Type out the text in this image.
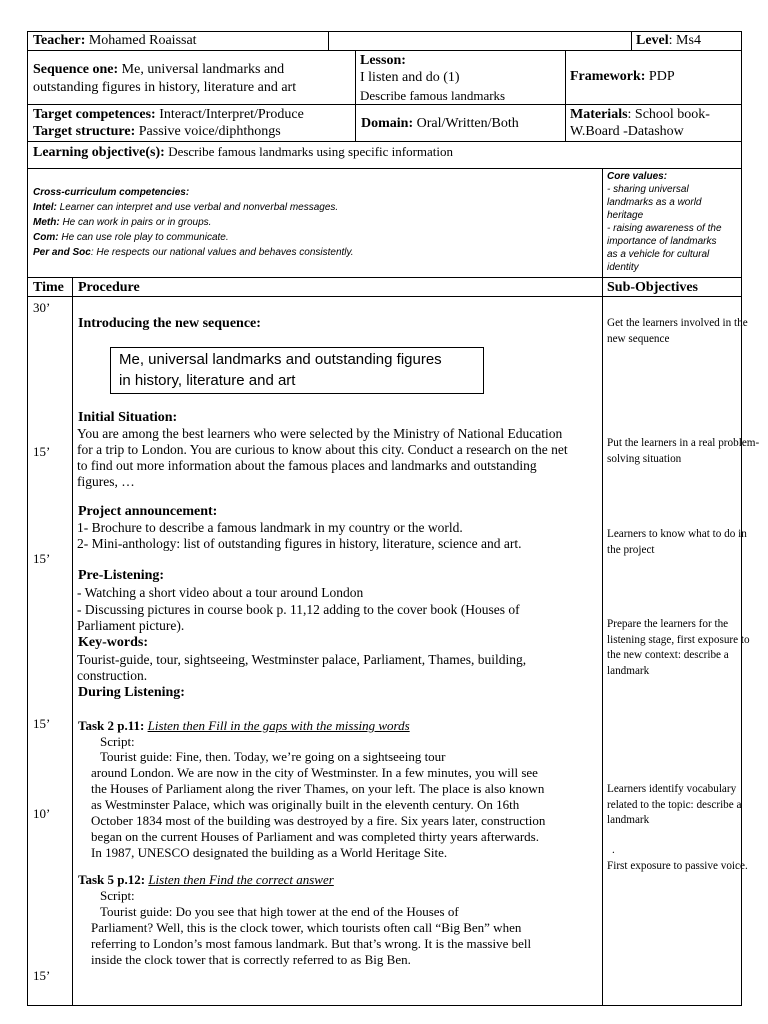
Teacher: Mohamed Roaissat	Level: Ms4
Sequence one: Me, universal landmarks and
outstanding figures in history, literature and art
Lesson:
I listen and do (1)
Describe famous landmarks
Framework: PDP
Target competences: Interact/Interpret/Produce
Target structure: Passive voice/diphthongs
Domain: Oral/Written/Both
Materials: School book-
W.Board -Datashow
Learning objective(s): Describe famous landmarks using specific information
Cross-curriculum competencies:
Intel: Learner can interpret and use verbal and nonverbal messages.
Meth: He can work in pairs or in groups.
Com: He can use role play to communicate.
Per and Soc: He respects our national values and behaves consistently.
Core values:
- sharing universal
landmarks as a world
heritage
- raising awareness of the
importance of landmarks
as a vehicle for cultural
identity
Time Procedure	Sub-Objectives
30’
15’
15’
15’
10’
15’
Introducing the new sequence:
Me, universal landmarks and outstanding figures
in history, literature and art
Initial Situation:
You are among the best learners who were selected by the Ministry of National Education
for a trip to London. You are curious to know about this city. Conduct a research on the net
to find out more information about the famous places and landmarks and outstanding
figures, …
Project announcement:
1- Brochure to describe a famous landmark in my country or the world.
2- Mini-anthology: list of outstanding figures in history, literature, science and art.
Pre-Listening:
- Watching a short video about a tour around London
- Discussing pictures in course book p. 11,12 adding to the cover book (Houses of
Parliament picture).
Key-words:
Tourist-guide, tour, sightseeing, Westminster palace, Parliament, Thames, building,
construction.
During Listening:
Task 2 p.11: Listen then Fill in the gaps with the missing words
Script:
Tourist guide: Fine, then. Today, we’re going on a sightseeing tour
around London. We are now in the city of Westminster. In a few minutes, you will see
the Houses of Parliament along the river Thames, on your left. The place is also known
as Westminster Palace, which was originally built in the eleventh century. On 16th
October 1834 most of the building was destroyed by a fire. Six years later, construction
began on the current Houses of Parliament and was completed thirty years afterwards.
In 1987, UNESCO designated the building as a World Heritage Site.
Task 5 p.12: Listen then Find the correct answer
Script:
Tourist guide: Do you see that high tower at the end of the Houses of
Parliament? Well, this is the clock tower, which tourists often call “Big Ben” when
referring to London’s most famous landmark. But that’s wrong. It is the massive bell
inside the clock tower that is correctly referred to as Big Ben.
Get the learners involved in the new sequence
Put the learners in a real problem-solving situation
Learners to know what to do in the project
Prepare the learners for the listening stage, first exposure to the new context: describe a landmark
Learners identify vocabulary related to the topic: describe a landmark
.
First exposure to passive voice.
